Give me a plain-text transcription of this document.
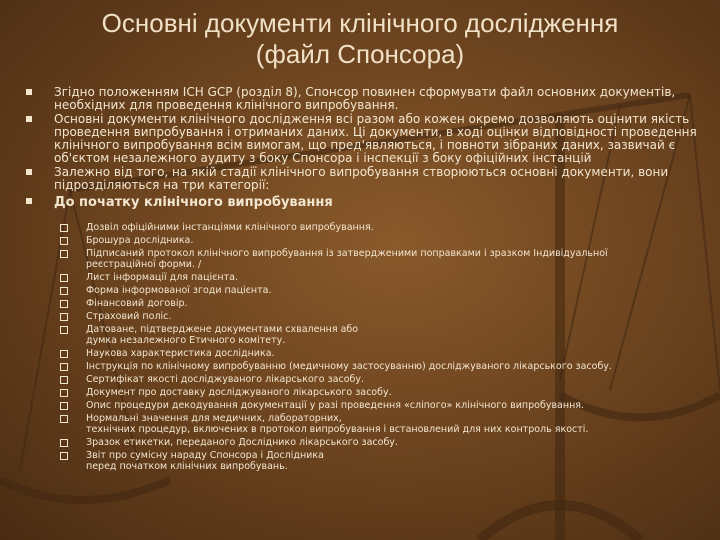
Основні документи клінічного дослідження
(файл Спонсора)
Згідно положенням ICH GCP (розділ 8), Спонсор повинен сформувати файл основних документів, необхідних для проведення клінічного випробування.
Основні документи клінічного дослідження всі разом або кожен окремо дозволяють оцінити якість проведення випробування і отриманих даних. Ці документи, в ході оцінки відповідності проведення клінічного випробування всім вимогам, що пред'являються, і повноти зібраних даних, зазвичай є об'єктом незалежного аудиту з боку Спонсора і інспекції з боку офіційних інстанцій
Залежно від того, на якій стадії клінічного випробування створюються основні документи, вони підрозділяються на три категорії:
До початку клінічного випробування
Дозвіл офіційними інстанціями клінічного випробування.
Брошура дослідника.
Підписаний протокол клінічного випробування із затвердженими поправками і зразком Індивідуальної
реєстраційної форми. /
Лист інформації для пацієнта.
Форма інформованої згоди пацієнта.
Фінансовий договір.
Страховий поліс.
Датоване, підтверджене документами схвалення або
думка незалежного Етичного комітету.
Наукова характеристика дослідника.
Інструкція по клінічному випробуванню (медичному застосуванню) досліджуваного лікарського засобу.
Сертифікат якості досліджуваного лікарського засобу.
Документ про доставку досліджуваного лікарського засобу.
Опис процедури декодування документації у разі проведення «сліпого» клінічного випробування.
Нормальні значення для медичних, лабораторних,
технічних процедур, включених в протокол випробування і встановлений для них контроль якості.
Зразок етикетки, переданого Досліднико лікарського засобу.
Звіт про сумісну нараду Спонсора і Дослідника
перед початком клінічних випробувань.
